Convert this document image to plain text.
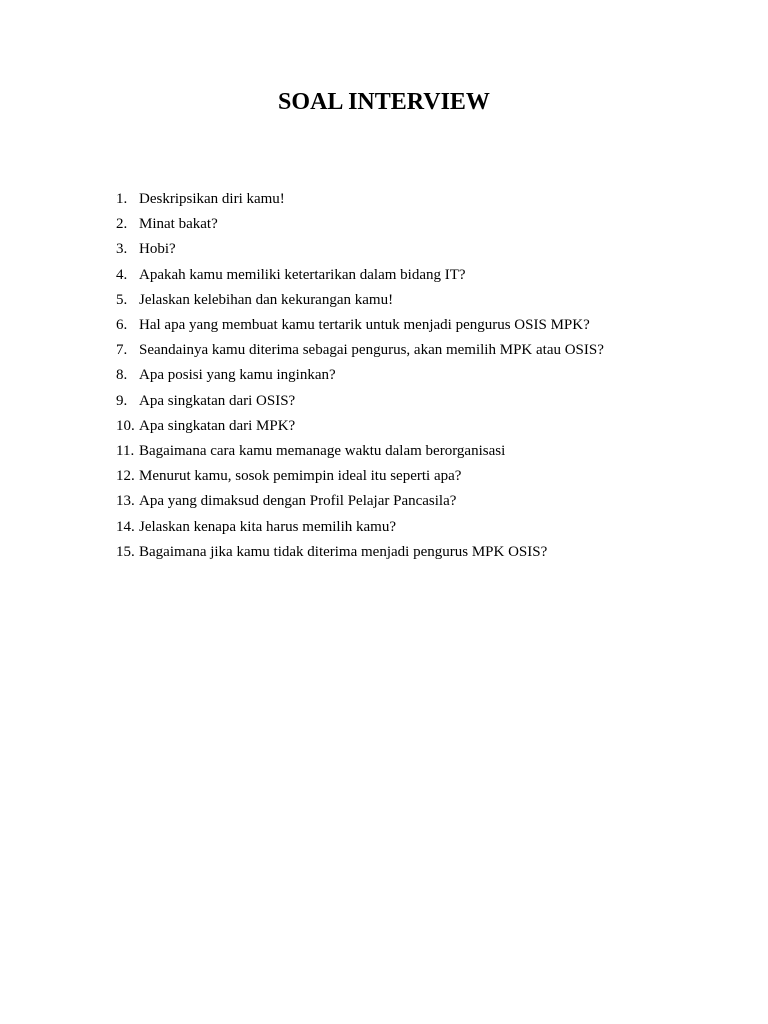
SOAL INTERVIEW
1. Deskripsikan diri kamu!
2. Minat bakat?
3. Hobi?
4. Apakah kamu memiliki ketertarikan dalam bidang IT?
5. Jelaskan kelebihan dan kekurangan kamu!
6. Hal apa yang membuat kamu tertarik untuk menjadi pengurus OSIS MPK?
7. Seandainya kamu diterima sebagai pengurus, akan memilih MPK atau OSIS?
8. Apa posisi yang kamu inginkan?
9. Apa singkatan dari OSIS?
10. Apa singkatan dari MPK?
11. Bagaimana cara kamu memanage waktu dalam berorganisasi
12. Menurut kamu, sosok pemimpin ideal itu seperti apa?
13. Apa yang dimaksud dengan Profil Pelajar Pancasila?
14. Jelaskan kenapa kita harus memilih kamu?
15. Bagaimana jika kamu tidak diterima menjadi pengurus MPK OSIS?
